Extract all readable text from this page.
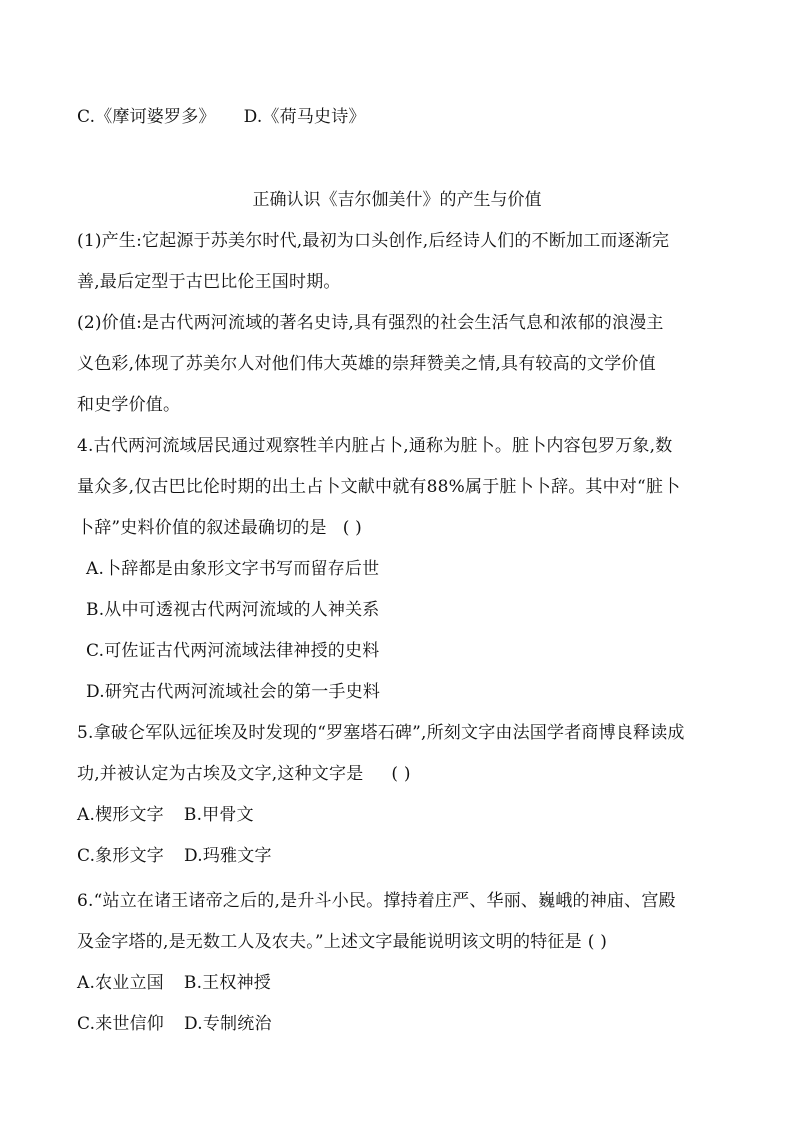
C.《摩诃婆罗多》 D.《荷马史诗》
正确认识《吉尔伽美什》的产生与价值
(1)产生:它起源于苏美尔时代,最初为口头创作,后经诗人们的不断加工而逐渐完
善,最后定型于古巴比伦王国时期。
(2)价值:是古代两河流域的著名史诗,具有强烈的社会生活气息和浓郁的浪漫主
义色彩,体现了苏美尔人对他们伟大英雄的崇拜赞美之情,具有较高的文学价值
和史学价值。
4.古代两河流域居民通过观察牲羊内脏占卜,通称为脏卜。脏卜内容包罗万象,数
量众多,仅古巴比伦时期的出土占卜文献中就有88%属于脏卜卜辞。其中对“脏卜
卜辞”史料价值的叙述最确切的是 ( )
A.卜辞都是由象形文字书写而留存后世
B.从中可透视古代两河流域的人神关系
C.可佐证古代两河流域法律神授的史料
D.研究古代两河流域社会的第一手史料
5.拿破仑军队远征埃及时发现的“罗塞塔石碑”,所刻文字由法国学者商博良释读成
功,并被认定为古埃及文字,这种文字是 ( )
A.楔形文字 B.甲骨文
C.象形文字 D.玛雅文字
6.“站立在诸王诸帝之后的,是升斗小民。撑持着庄严、华丽、巍峨的神庙、宫殿
及金字塔的,是无数工人及农夫。”上述文字最能说明该文明的特征是 ( )
A.农业立国 B.王权神授
C.来世信仰 D.专制统治
